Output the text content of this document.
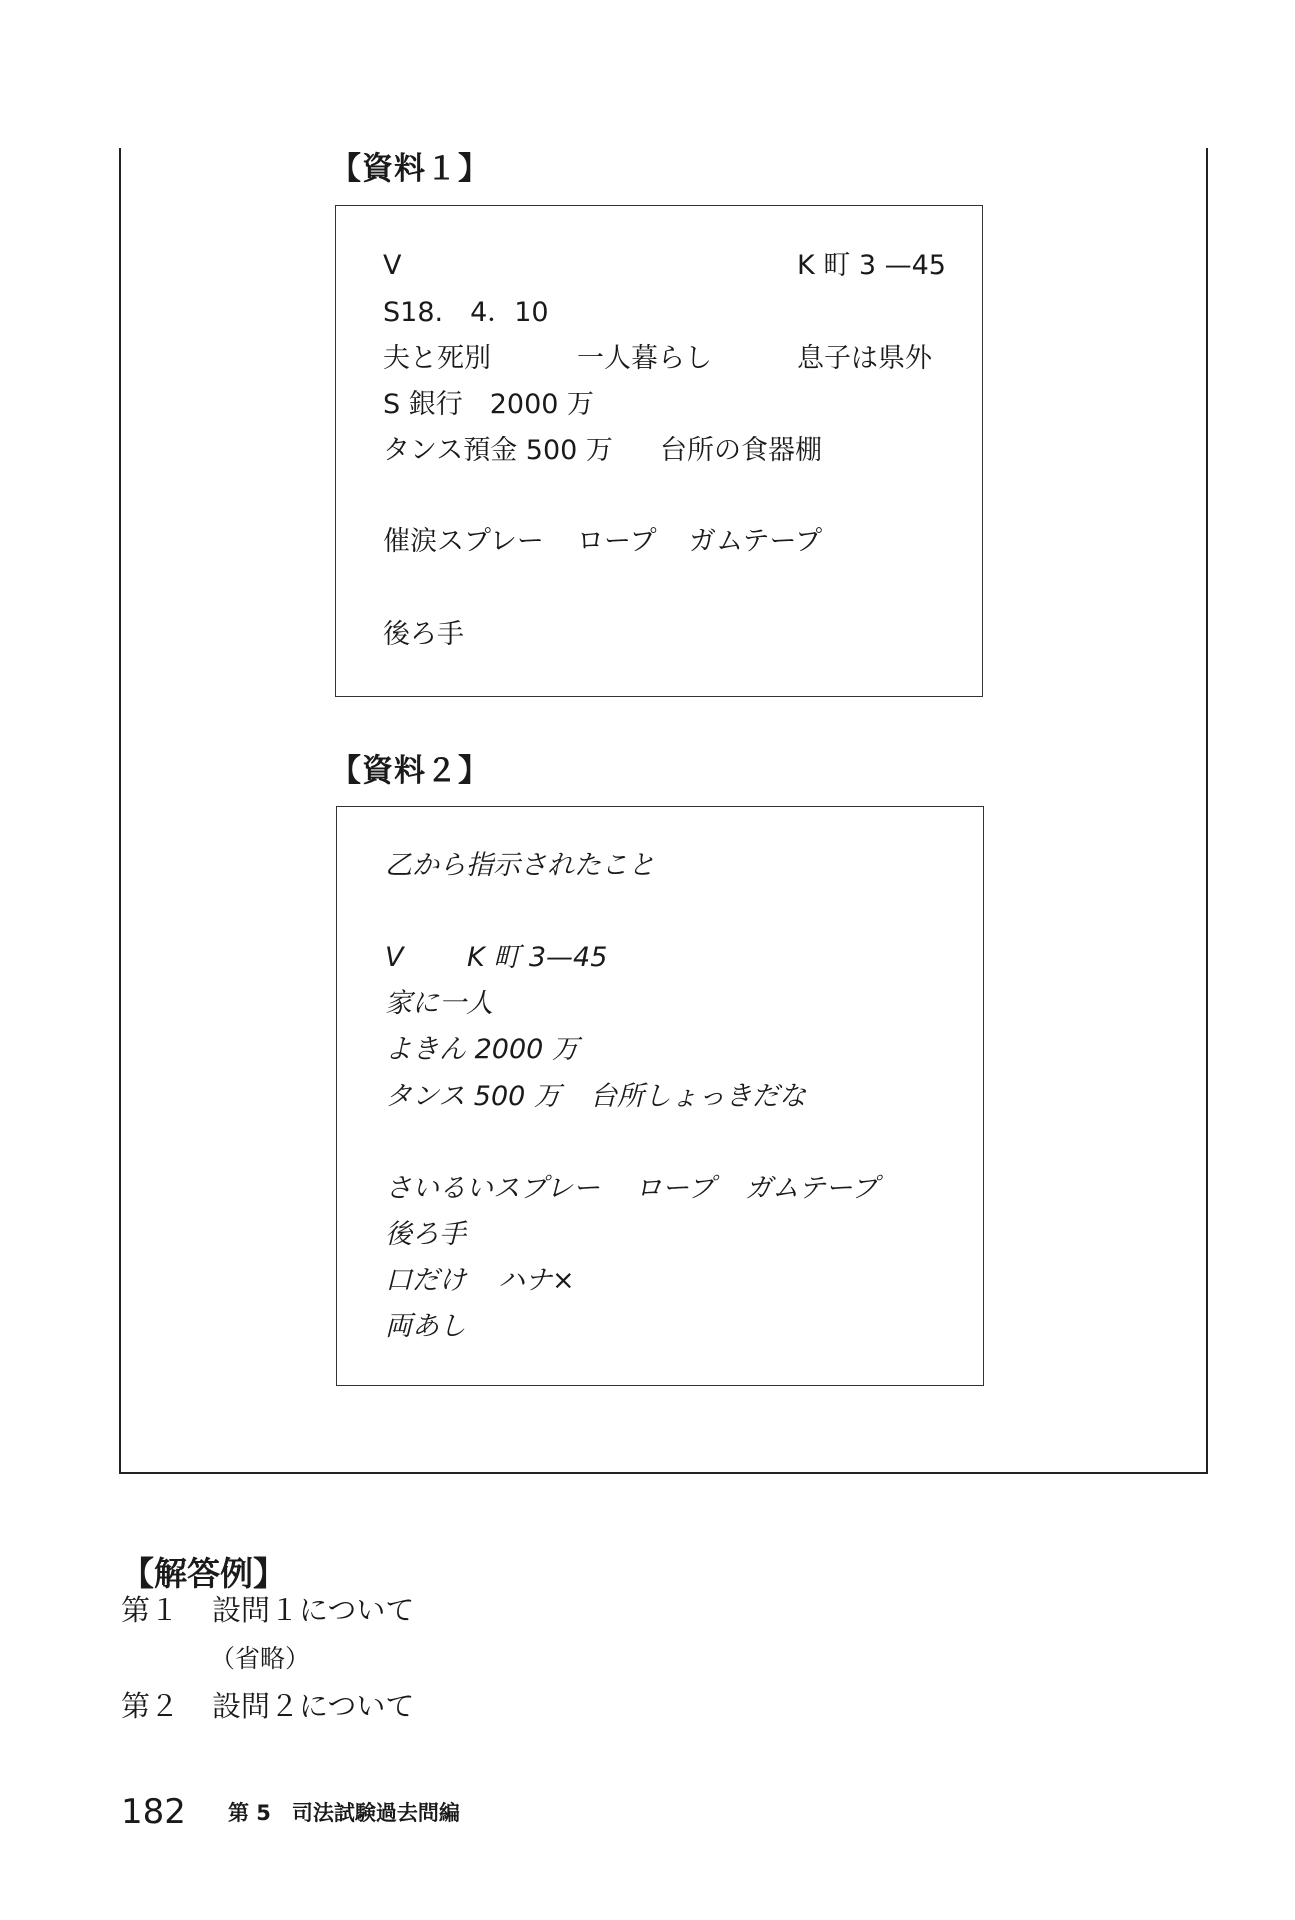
【資料１】
V	K 町 3 —45
S18.　4．10
夫と死別	一人暮らし	息子は県外
S 銀行　2000 万
タンス預金 500 万 台所の食器棚
催涙スプレー ロープ ガムテープ
後ろ手
【資料２】
乙から指示されたこと
V K 町 3—45
家に一人
よきん 2000 万
タンス 500 万 台所しょっきだな
さいるいスプレー ロープ ガムテープ
後ろ手
口だけ ハナ×
両あし
【解答例】
第１ 設問１について
（省略）
第２ 設問２について
182 第 5　司法試験過去問編
